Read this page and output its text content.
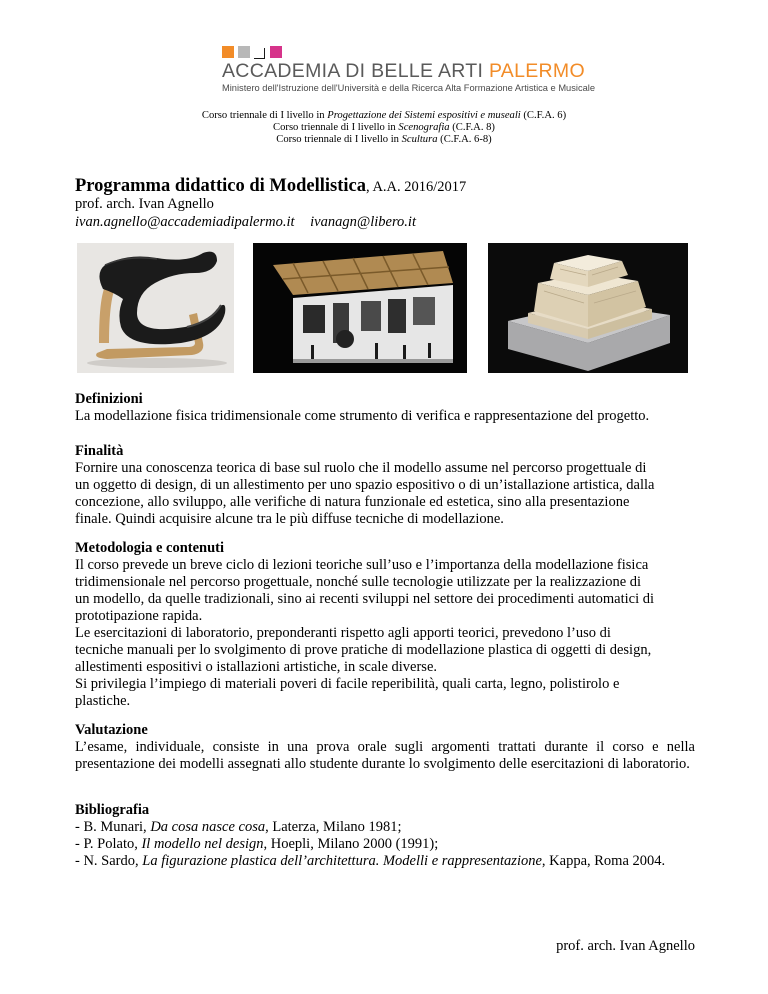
ACCADEMIA DI BELLE ARTI PALERMO
Ministero dell'Istruzione dell'Università e della Ricerca Alta Formazione Artistica e Musicale
Corso triennale di I livello in Progettazione dei Sistemi espositivi e museali (C.F.A. 6)
Corso triennale di I livello in Scenografia (C.F.A. 8)
Corso triennale di I livello in Scultura (C.F.A. 6-8)
Programma didattico di Modellistica, A.A. 2016/2017
prof. arch. Ivan Agnello
ivan.agnello@accademiadipalermo.it ivanagn@libero.it
Definizioni

La modellazione fisica tridimensionale come strumento di verifica e rappresentazione del progetto.

Finalità

Fornire una conoscenza teorica di base sul ruolo che il modello assume nel percorso progettuale di

un oggetto di design, di un allestimento per uno spazio espositivo o di un’istallazione artistica, dalla

concezione, allo sviluppo, alle verifiche di natura funzionale ed estetica, sino alla presentazione

finale. Quindi acquisire alcune tra le più diffuse tecniche di modellazione.

Metodologia e contenuti

Il corso prevede un breve ciclo di lezioni teoriche sull’uso e l’importanza della modellazione fisica

tridimensionale nel percorso progettuale, nonché sulle tecnologie utilizzate per la realizzazione di

un modello, da quelle tradizionali, sino ai recenti sviluppi nel settore dei procedimenti automatici di

prototipazione rapida.

Le esercitazioni di laboratorio, preponderanti rispetto agli apporti teorici, prevedono l’uso di

tecniche manuali per lo svolgimento di prove pratiche di modellazione plastica di oggetti di design,

allestimenti espositivi o istallazioni artistiche, in scale diverse.

Si privilegia l’impiego di materiali poveri di facile reperibilità, quali carta, legno, polistirolo e

plastiche.

Valutazione

L’esame, individuale, consiste in una prova orale sugli argomenti trattati durante il corso e nella presentazione dei modelli assegnati allo studente durante lo svolgimento delle esercitazioni di laboratorio.

Bibliografia

- B. Munari, Da cosa nasce cosa, Laterza, Milano 1981;

- P. Polato, Il modello nel design, Hoepli, Milano 2000 (1991);

- N. Sardo, La figurazione plastica dell’architettura. Modelli e rappresentazione, Kappa, Roma 2004.

prof. arch. Ivan Agnello
